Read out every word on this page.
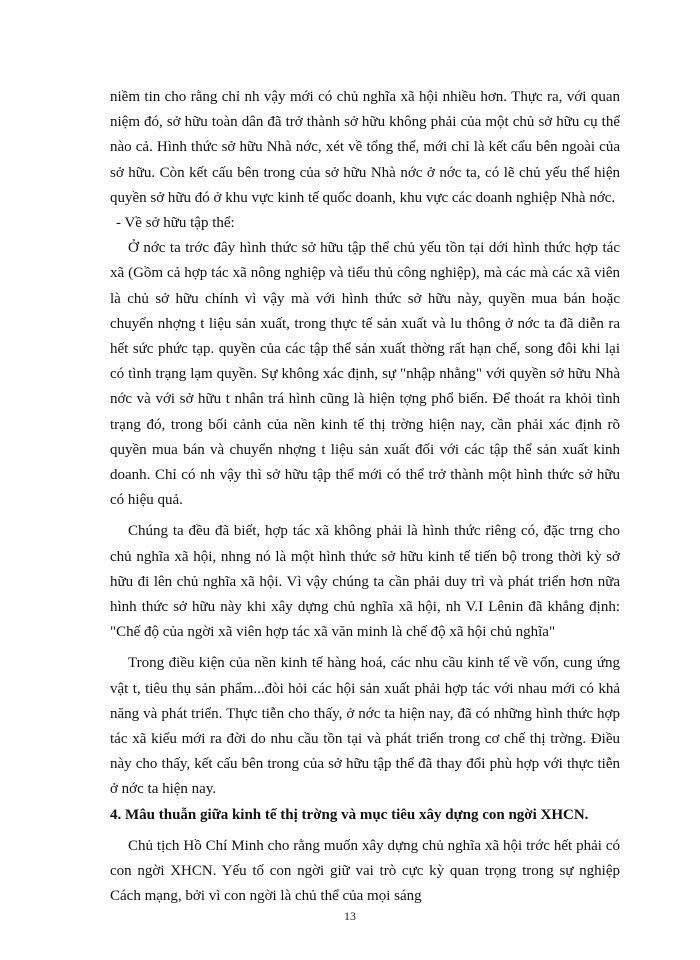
niềm tin cho rằng chỉ nh vậy mới có chủ nghĩa xã hội nhiều hơn. Thực ra, với quan niệm đó, sở hữu toàn dân đã trở thành sở hữu không phải của một chủ sở hữu cụ thể nào cả. Hình thức sở hữu Nhà nớc, xét về tổng thể, mới chỉ là kết cấu bên ngoài của sở hữu. Còn kết cấu bên trong của sở hữu Nhà nớc ở nớc ta, có lẽ chủ yếu thể hiện quyền sở hữu đó ở khu vực kinh tế quốc doanh, khu vực các doanh nghiệp Nhà nớc.

- Về sở hữu tập thể:

Ở nớc ta trớc đây hình thức sở hữu tập thể chủ yếu tồn tại dới hình thức hợp tác xã (Gồm cả hợp tác xã nông nghiệp và tiểu thủ công nghiệp), mà các mà các xã viên là chủ sở hữu chính vì vậy mà với hình thức sở hữu này, quyền mua bán hoặc chuyển nhợng t liệu sản xuất, trong thực tế sản xuất và lu thông ở nớc ta đã diễn ra hết sức phức tạp. quyền của các tập thể sản xuất thờng rất hạn chế, song đôi khi lại có tình trạng lạm quyền. Sự không xác định, sự "nhập nhằng" với quyền sở hữu Nhà nớc và với sở hữu t nhân trá hình cũng là hiện tợng phổ biến. Để thoát ra khỏi tình trạng đó, trong bối cảnh của nền kinh tế thị trờng hiện nay, cần phải xác định rõ quyền mua bán và chuyển nhợng t liệu sản xuất đối với các tập thể sản xuất kinh doanh. Chỉ có nh vậy thì sở hữu tập thể mới có thể trở thành một hình thức sở hữu có hiệu quả.

Chúng ta đều đã biết, hợp tác xã không phải là hình thức riêng có, đặc trng cho chủ nghĩa xã hội, nhng nó là một hình thức sở hữu kinh tế tiến bộ trong thời kỳ sở hữu đi lên chủ nghĩa xã hội. Vì vậy chúng ta cần phải duy trì và phát triển hơn nữa hình thức sở hữu này khi xây dựng chủ nghĩa xã hội, nh V.I Lênin đã khẳng định: "Chế độ của ngời xã viên hợp tác xã văn minh là chế độ xã hội chủ nghĩa"

Trong điều kiện của nền kinh tế hàng hoá, các nhu cầu kinh tế về vốn, cung ứng vật t, tiêu thụ sản phẩm...đòi hỏi các hội sản xuất phải hợp tác với nhau mới có khả năng và phát triển. Thực tiễn cho thấy, ở nớc ta hiện nay, đã có những hình thức hợp tác xã kiểu mới ra đời do nhu cầu tồn tại và phát triển trong cơ chế thị trờng. Điều này cho thấy, kết cấu bên trong của sở hữu tập thể đã thay đổi phù hợp với thực tiễn ở nớc ta hiện nay.

4. Mâu thuẫn giữa kinh tế thị trờng và mục tiêu xây dựng con ngời XHCN.

Chủ tịch Hồ Chí Minh cho rằng muốn xây dựng chủ nghĩa xã hội trớc hết phải có con ngời XHCN. Yếu tố con ngời giữ vai trò cực kỳ quan trọng trong sự nghiệp Cách mạng, bởi vì con ngời là chủ thể của mọi sáng

13
